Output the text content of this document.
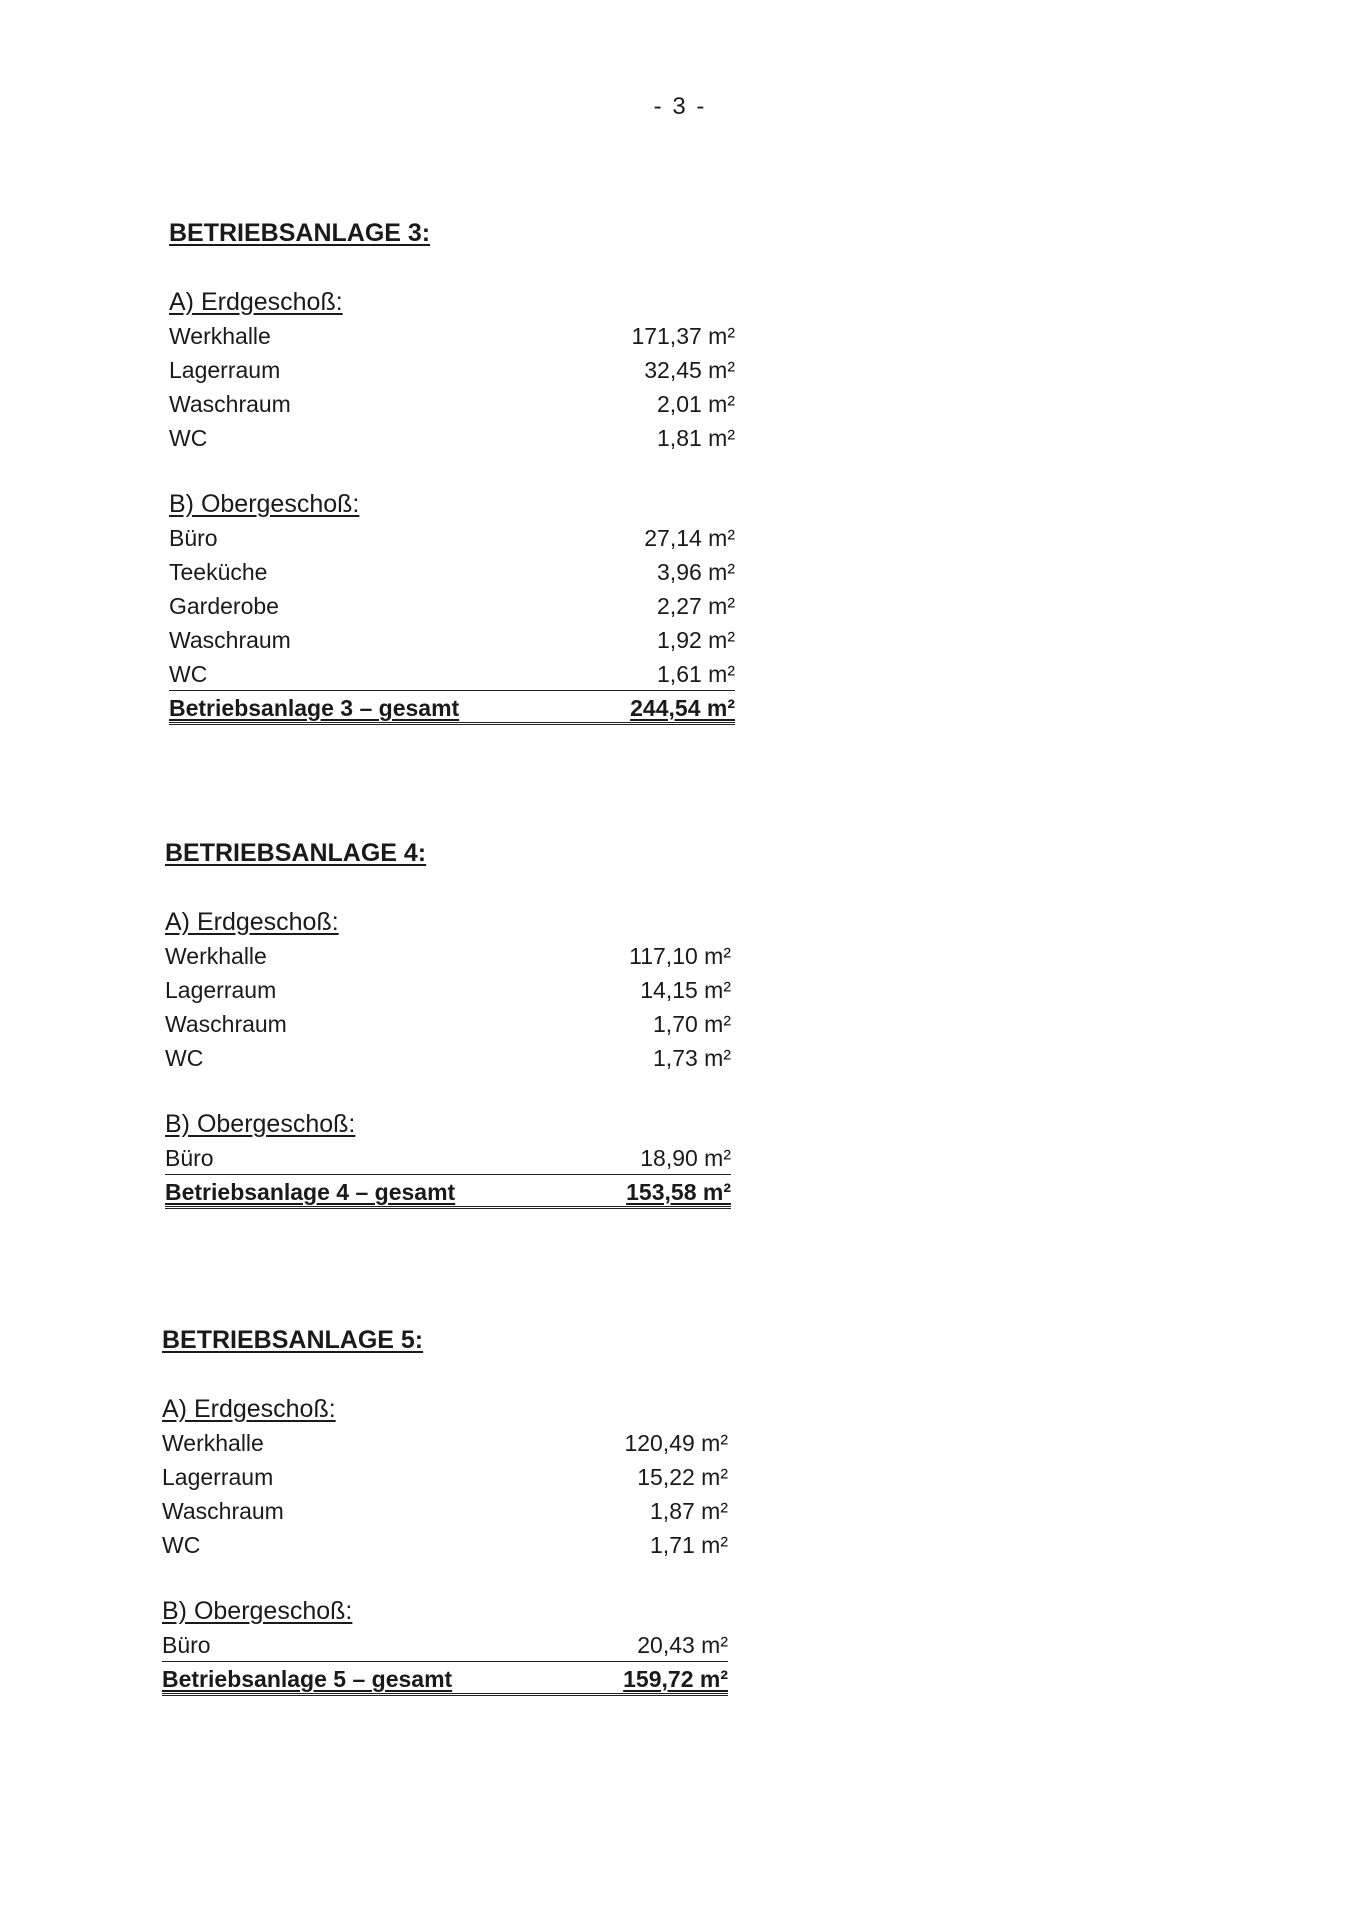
- 3 -
BETRIEBSANLAGE 3:
A) Erdgeschoß:
Werkhalle	171,37 m²
Lagerraum	32,45 m²
Waschraum	2,01 m²
WC	1,81 m²
B) Obergeschoß:
Büro	27,14 m²
Teeküche	3,96 m²
Garderobe	2,27 m²
Waschraum	1,92 m²
WC	1,61 m²
Betriebsanlage 3 – gesamt	244,54 m²
BETRIEBSANLAGE 4:
A) Erdgeschoß:
Werkhalle	117,10 m²
Lagerraum	14,15 m²
Waschraum	1,70 m²
WC	1,73 m²
B) Obergeschoß:
Büro	18,90 m²
Betriebsanlage 4 – gesamt	153,58 m²
BETRIEBSANLAGE 5:
A) Erdgeschoß:
Werkhalle	120,49 m²
Lagerraum	15,22 m²
Waschraum	1,87 m²
WC	1,71 m²
B) Obergeschoß:
Büro	20,43 m²
Betriebsanlage 5 – gesamt	159,72 m²
